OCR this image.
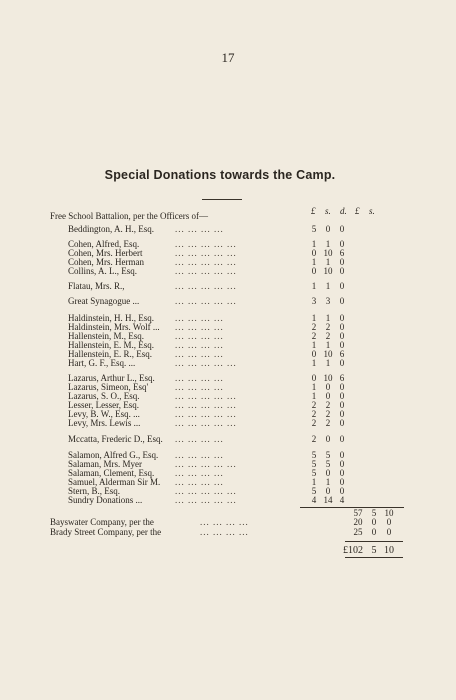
17
Special Donations towards the Camp.
£ s. d. £ s.
Free School Battalion, per the Officers of—
Beddington, A. H., Esq. ... ... ... ...	5	0	0
Cohen, Alfred, Esq.	... ... ... ... ...	1	1	0
Cohen, Mrs. Herbert	... ... ... ... ...	0 10 6
Cohen, Mrs. Herman	... ... ... ... ...	1	1	0
Collins, A. L., Esq.	... ... ... ... ...	0 10 0
Flatau, Mrs. R.,	... ... ... ... ...	1	1	0
Great Synagogue ...	... ... ... ... ...	3	3	0
Haldinstein, H. H., Esq. ... ... ... ...	1	1	0
Haldinstein, Mrs. Wolf ... ... ... ... ...	2	2	0
Hallenstein, M., Esq.	... ... ... ...	2	2	0
Hallenstein, E. M., Esq. ... ... ... ...	1	1	0
Hallenstein, E. R., Esq.	... ... ... ...	0 10 6
Hart, G. F., Esq. ...	... ... ... ... ...	1	1	0
Lazarus, Arthur L., Esq. ... ... ... ...	0 10 6
Lazarus, Simeon, Esq'	... ... ... ...	1	0	0
Lazarus, S. O., Esq.	... ... ... ... ...	1	0	0
Lesser, Lesser, Esq.	... ... ... ... ...	2	2	0
Levy, B. W., Esq. ...	... ... ... ... ...	2	2	0
Levy, Mrs. Lewis ...	... ... ... ... ...	2	2	0
Mccatta, Frederic D., Esq. ... ... ... ...	2	0	0
Salamon, Alfred G., Esq. ... ... ... ...	5	5	0
Salaman, Mrs. Myer	... ... ... ... ...	5	5	0
Salaman, Clement, Esq. ... ... ... ...	5	0	0
Samuel, Alderman Sir M. ... ... ... ...	1	1	0
Stern, B., Esq.	... ... ... ... ...	5	0	0
Sundry Donations ...	... ... ... ... ...	4 14 4
57	5 10
Bayswater Company, per the	... ... ... ...	20	0	0
Brady Street Company, per the	... ... ... ...	25	0	0
£102 5 10
